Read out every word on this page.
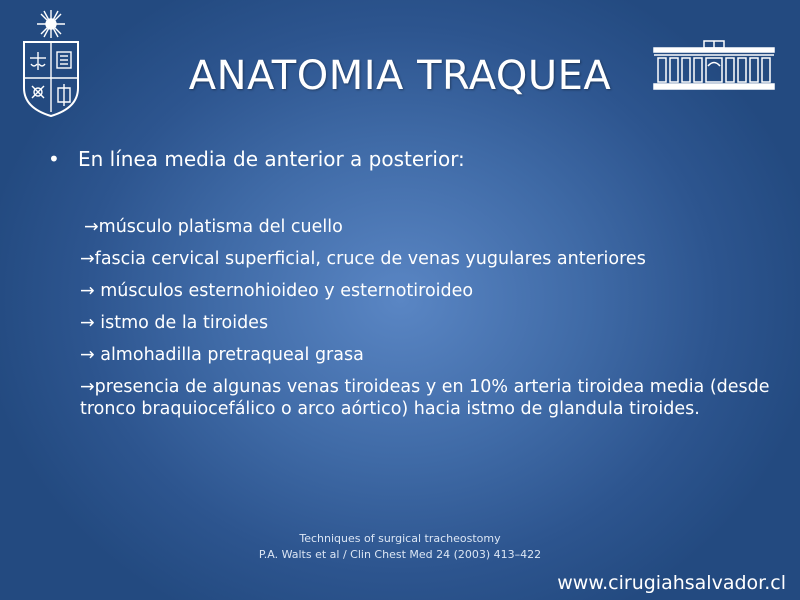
ANATOMIA TRAQUEA
• En línea media de anterior a posterior:
→músculo platisma del cuello
→fascia cervical superficial, cruce de venas yugulares anteriores
→ músculos esternohioideo y esternotiroideo
→ istmo de la tiroides
→ almohadilla pretraqueal grasa
→presencia de algunas venas tiroideas y en 10% arteria tiroidea media (desde tronco braquiocefálico o arco aórtico) hacia istmo de glandula tiroides.
Techniques of surgical tracheostomy
P.A. Walts et al / Clin Chest Med 24 (2003) 413–422
www.cirugiahsalvador.cl
